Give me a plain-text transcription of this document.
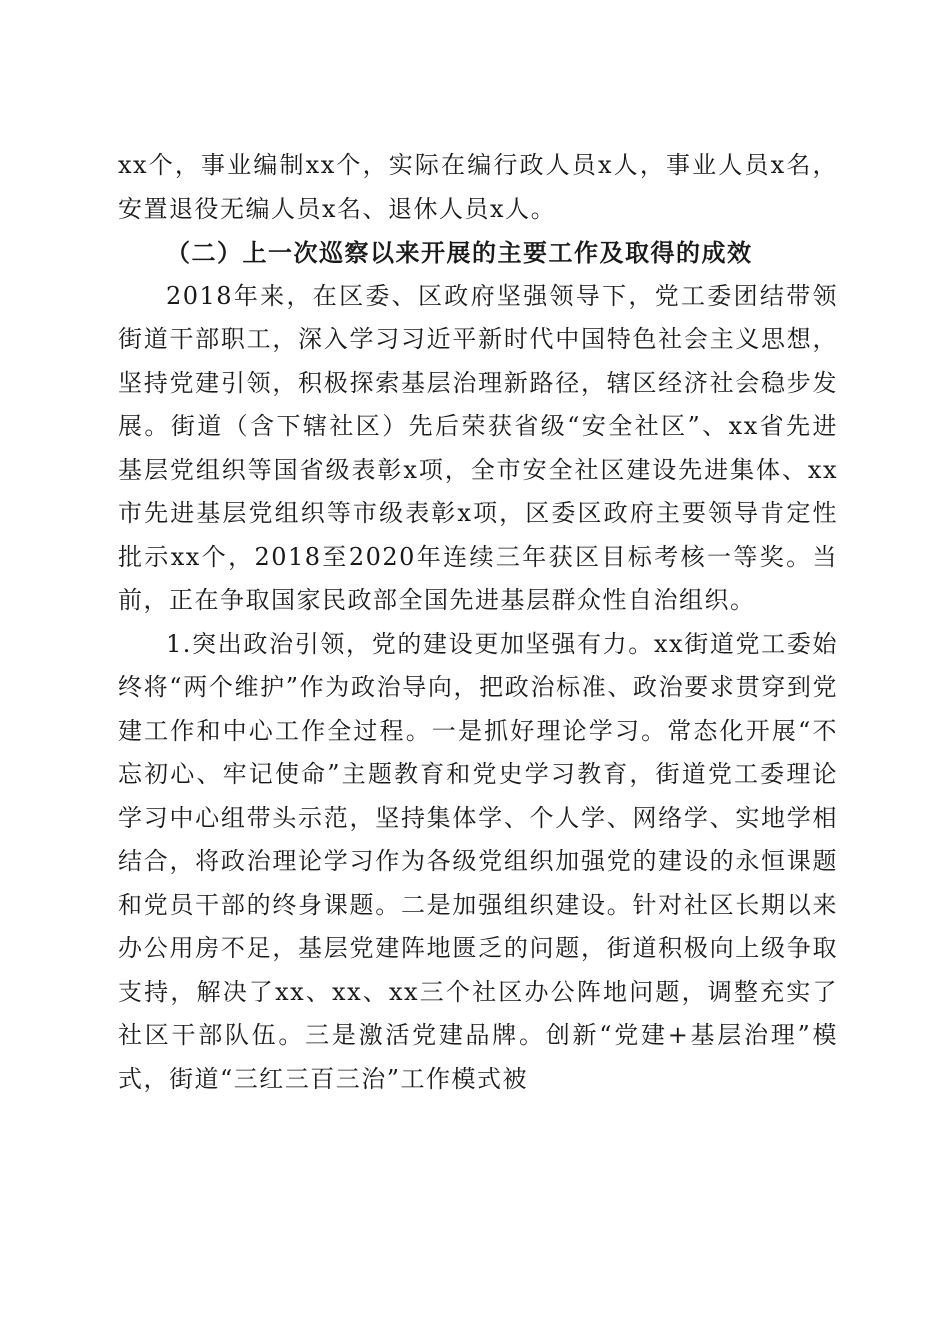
xx个，事业编制xx个，实际在编行政人员x人，事业人员x名，安置退役无编人员x名、退休人员x人。

（二）上一次巡察以来开展的主要工作及取得的成效

2018年来，在区委、区政府坚强领导下，党工委团结带领街道干部职工，深入学习习近平新时代中国特色社会主义思想，坚持党建引领，积极探索基层治理新路径，辖区经济社会稳步发展。街道（含下辖社区）先后荣获省级“安全社区”、xx省先进基层党组织等国省级表彰x项，全市安全社区建设先进集体、xx市先进基层党组织等市级表彰x项，区委区政府主要领导肯定性批示xx个，2018至2020年连续三年获区目标考核一等奖。当前，正在争取国家民政部全国先进基层群众性自治组织。

1.突出政治引领，党的建设更加坚强有力。xx街道党工委始终将“两个维护”作为政治导向，把政治标准、政治要求贯穿到党建工作和中心工作全过程。一是抓好理论学习。常态化开展“不忘初心、牢记使命”主题教育和党史学习教育，街道党工委理论学习中心组带头示范，坚持集体学、个人学、网络学、实地学相结合，将政治理论学习作为各级党组织加强党的建设的永恒课题和党员干部的终身课题。二是加强组织建设。针对社区长期以来办公用房不足，基层党建阵地匮乏的问题，街道积极向上级争取支持，解决了xx、xx、xx三个社区办公阵地问题，调整充实了社区干部队伍。三是激活党建品牌。创新“党建+基层治理”模式，街道“三红三百三治”工作模式被
